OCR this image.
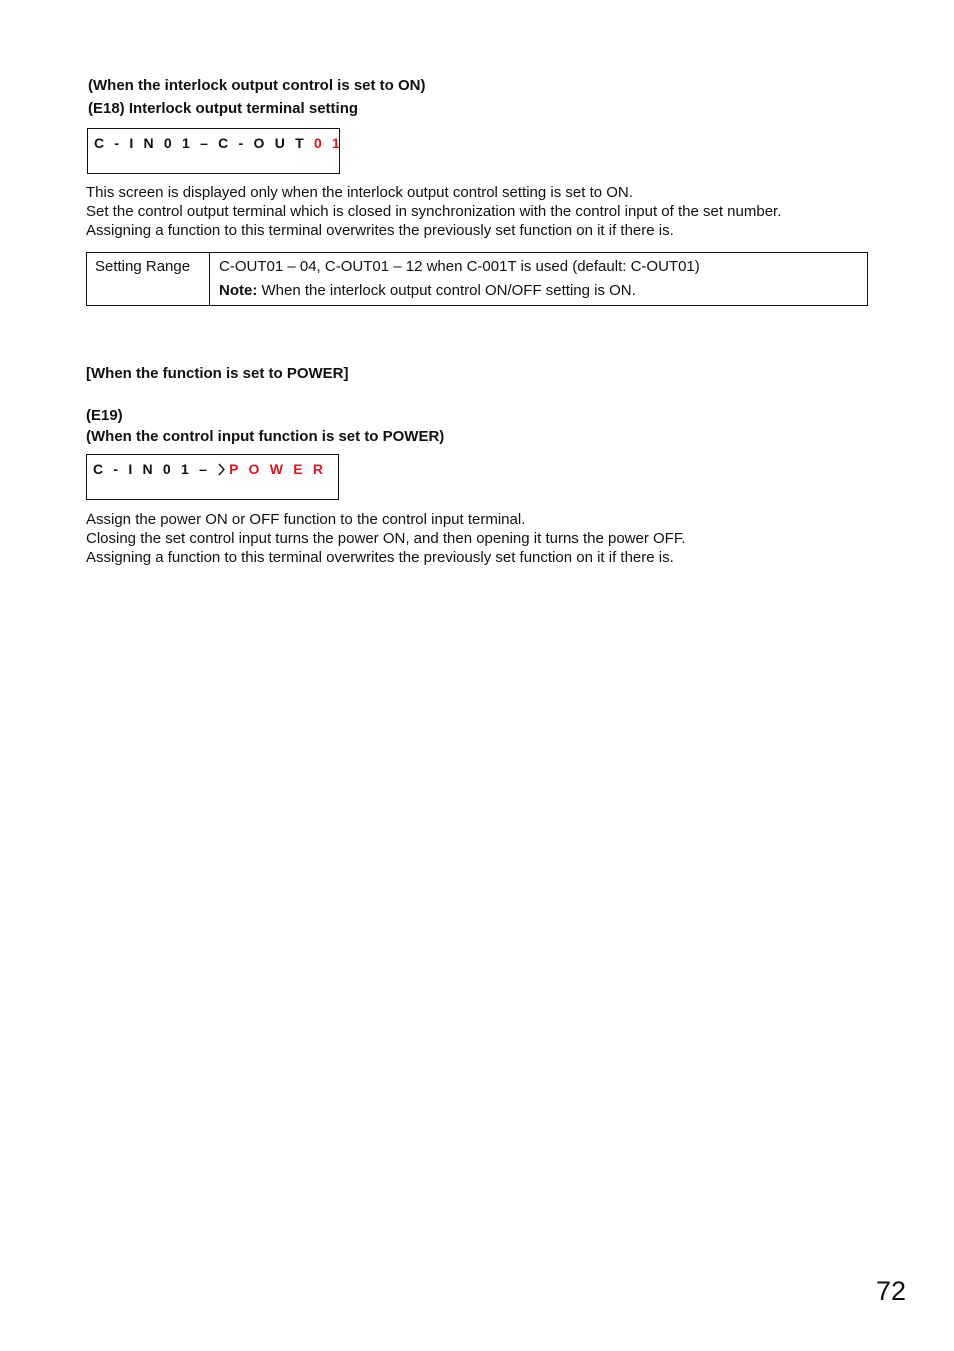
(When the interlock output control is set to ON)
(E18) Interlock output terminal setting
C - I N 0 1 – C - O U T 0 1
This screen is displayed only when the interlock output control setting is set to ON.
Set the control output terminal which is closed in synchronization with the control input of the set number.
Assigning a function to this terminal overwrites the previously set function on it if there is.
Setting Range C-OUT01 – 04, C-OUT01 – 12 when C-001T is used (default: C-OUT01)
Note: When the interlock output control ON/OFF setting is ON.
[When the function is set to POWER]
(E19)
(When the control input function is set to POWER)
C - I N 0 1 – P O W E R
Assign the power ON or OFF function to the control input terminal.
Closing the set control input turns the power ON, and then opening it turns the power OFF.
Assigning a function to this terminal overwrites the previously set function on it if there is.
72
